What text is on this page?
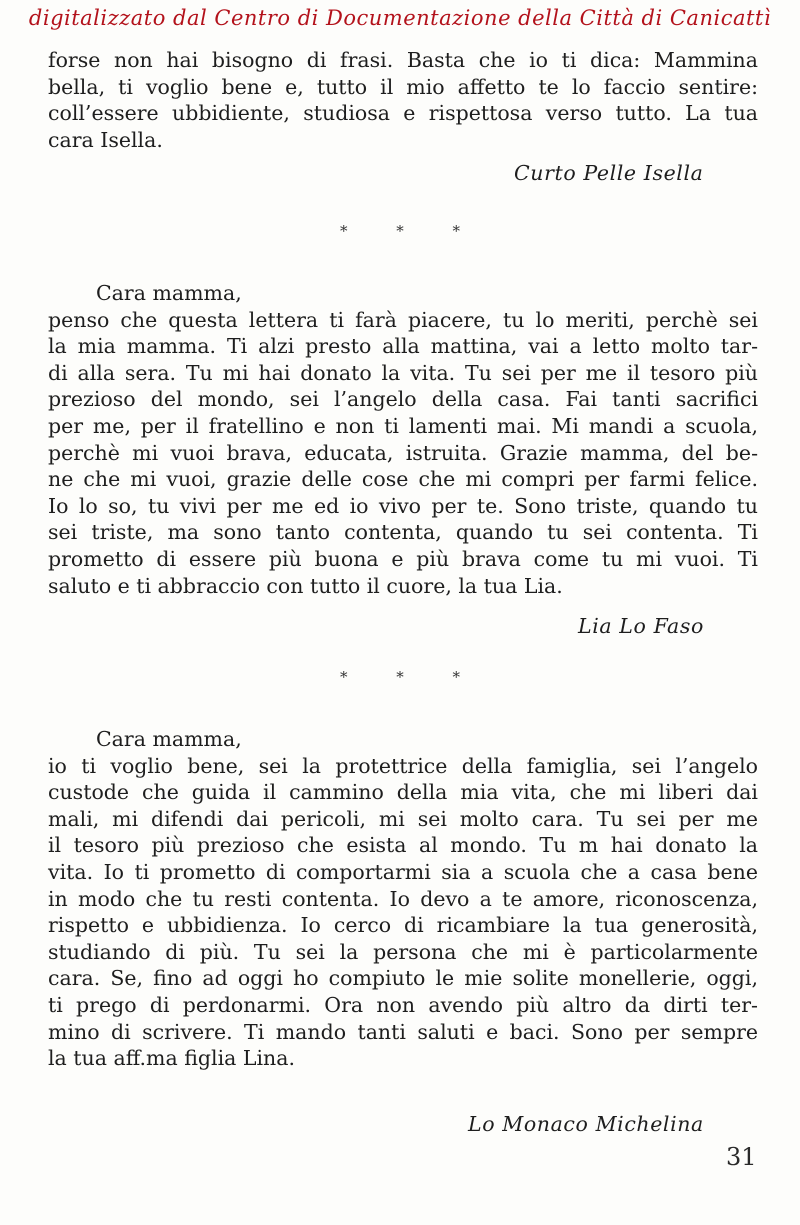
digitalizzato dal Centro di Documentazione della Città di Canicattì
forse non hai bisogno di frasi. Basta che io ti dica: Mammina
bella, ti voglio bene e, tutto il mio affetto te lo faccio sentire:
coll’essere ubbidiente, studiosa e rispettosa verso tutto. La tua
cara Isella.
Curto Pelle Isella
* * *
Cara mamma,
penso che questa lettera ti farà piacere, tu lo meriti, perchè sei
la mia mamma. Ti alzi presto alla mattina, vai a letto molto tar-
di alla sera. Tu mi hai donato la vita. Tu sei per me il tesoro più
prezioso del mondo, sei l’angelo della casa. Fai tanti sacrifici
per me, per il fratellino e non ti lamenti mai. Mi mandi a scuola,
perchè mi vuoi brava, educata, istruita. Grazie mamma, del be-
ne che mi vuoi, grazie delle cose che mi compri per farmi felice.
Io lo so, tu vivi per me ed io vivo per te. Sono triste, quando tu
sei triste, ma sono tanto contenta, quando tu sei contenta. Ti
prometto di essere più buona e più brava come tu mi vuoi. Ti
saluto e ti abbraccio con tutto il cuore, la tua Lia.
Lia Lo Faso
* * *
Cara mamma,
io ti voglio bene, sei la protettrice della famiglia, sei l’angelo
custode che guida il cammino della mia vita, che mi liberi dai
mali, mi difendi dai pericoli, mi sei molto cara. Tu sei per me
il tesoro più prezioso che esista al mondo. Tu m hai donato la
vita. Io ti prometto di comportarmi sia a scuola che a casa bene
in modo che tu resti contenta. Io devo a te amore, riconoscenza,
rispetto e ubbidienza. Io cerco di ricambiare la tua generosità,
studiando di più. Tu sei la persona che mi è particolarmente
cara. Se, fino ad oggi ho compiuto le mie solite monellerie, oggi,
ti prego di perdonarmi. Ora non avendo più altro da dirti ter-
mino di scrivere. Ti mando tanti saluti e baci. Sono per sempre
la tua aff.ma figlia Lina.
Lo Monaco Michelina
31
